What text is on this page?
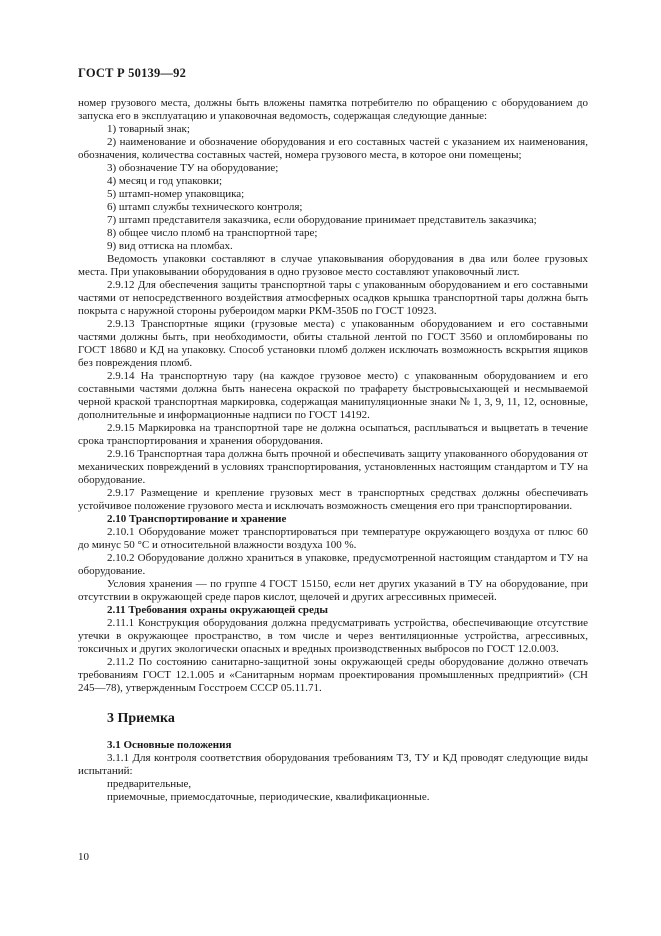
ГОСТ Р 50139—92

номер грузового места, должны быть вложены памятка потребителю по обращению с оборудованием до запуска его в эксплуатацию и упаковочная ведомость, содержащая следующие данные:

1) товарный знак;

2) наименование и обозначение оборудования и его составных частей с указанием их наименования, обозначения, количества составных частей, номера грузового места, в которое они помещены;

3) обозначение ТУ на оборудование;

4) месяц и год упаковки;

5) штамп-номер упаковщика;

6) штамп службы технического контроля;

7) штамп представителя заказчика, если оборудование принимает представитель заказчика;

8) общее число пломб на транспортной таре;

9) вид оттиска на пломбах.

Ведомость упаковки составляют в случае упаковывания оборудования в два или более грузовых места. При упаковывании оборудования в одно грузовое место составляют упаковочный лист.

2.9.12 Для обеспечения защиты транспортной тары с упакованным оборудованием и его составными частями от непосредственного воздействия атмосферных осадков крышка транспортной тары должна быть покрыта с наружной стороны рубероидом марки РКМ-350Б по ГОСТ 10923.

2.9.13 Транспортные ящики (грузовые места) с упакованным оборудованием и его составными частями должны быть, при необходимости, обиты стальной лентой по ГОСТ 3560 и опломбированы по ГОСТ 18680 и КД на упаковку. Способ установки пломб должен исключать возможность вскрытия ящиков без повреждения пломб.

2.9.14 На транспортную тару (на каждое грузовое место) с упакованным оборудованием и его составными частями должна быть нанесена окраской по трафарету быстровысыхающей и несмываемой черной краской транспортная маркировка, содержащая манипуляционные знаки № 1, 3, 9, 11, 12, основные, дополнительные и информационные надписи по ГОСТ 14192.

2.9.15 Маркировка на транспортной таре не должна осыпаться, расплываться и выцветать в течение срока транспортирования и хранения оборудования.

2.9.16 Транспортная тара должна быть прочной и обеспечивать защиту упакованного оборудования от механических повреждений в условиях транспортирования, установленных настоящим стандартом и ТУ на оборудование.

2.9.17 Размещение и крепление грузовых мест в транспортных средствах должны обеспечивать устойчивое положение грузового места и исключать возможность смещения его при транспортировании.

2.10 Транспортирование и хранение

2.10.1 Оборудование может транспортироваться при температуре окружающего воздуха от плюс 60 до минус 50 °С и относительной влажности воздуха 100 %.

2.10.2 Оборудование должно храниться в упаковке, предусмотренной настоящим стандартом и ТУ на оборудование.

Условия хранения — по группе 4 ГОСТ 15150, если нет других указаний в ТУ на оборудование, при отсутствии в окружающей среде паров кислот, щелочей и других агрессивных примесей.

2.11 Требования охраны окружающей среды

2.11.1 Конструкция оборудования должна предусматривать устройства, обеспечивающие отсутствие утечки в окружающее пространство, в том числе и через вентиляционные устройства, агрессивных, токсичных и других экологически опасных и вредных производственных выбросов по ГОСТ 12.0.003.

2.11.2 По состоянию санитарно-защитной зоны окружающей среды оборудование должно отвечать требованиям ГОСТ 12.1.005 и «Санитарным нормам проектирования промышленных предприятий» (СН 245—78), утвержденным Госстроем СССР 05.11.71.

3 Приемка
3.1 Основные положения

3.1.1 Для контроля соответствия оборудования требованиям ТЗ, ТУ и КД проводят следующие виды испытаний:

предварительные,

приемочные, приемосдаточные, периодические, квалификационные.

10
